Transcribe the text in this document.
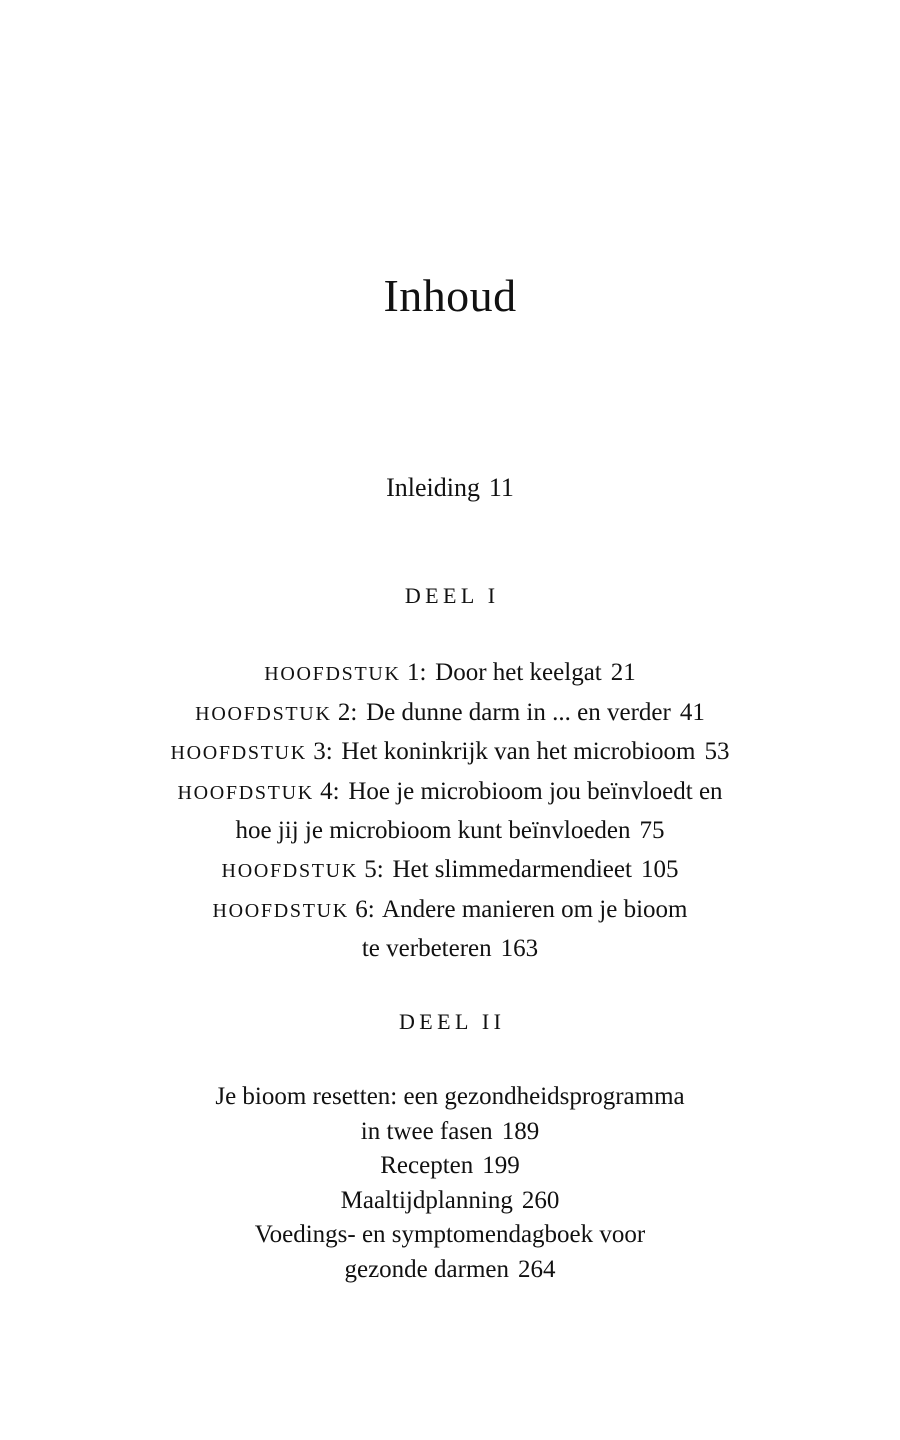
Inhoud
Inleiding 11
DEEL I
HOOFDSTUK 1: Door het keelgat 21
HOOFDSTUK 2: De dunne darm in ... en verder 41
HOOFDSTUK 3: Het koninkrijk van het microbioom 53
HOOFDSTUK 4: Hoe je microbioom jou beïnvloedt en
hoe jij je microbioom kunt beïnvloeden 75
HOOFDSTUK 5: Het slimmedarmendieet 105
HOOFDSTUK 6: Andere manieren om je bioom
te verbeteren 163
DEEL II
Je bioom resetten: een gezondheidsprogramma
in twee fasen 189
Recepten 199
Maaltijdplanning 260
Voedings- en symptomendagboek voor
gezonde darmen 264
